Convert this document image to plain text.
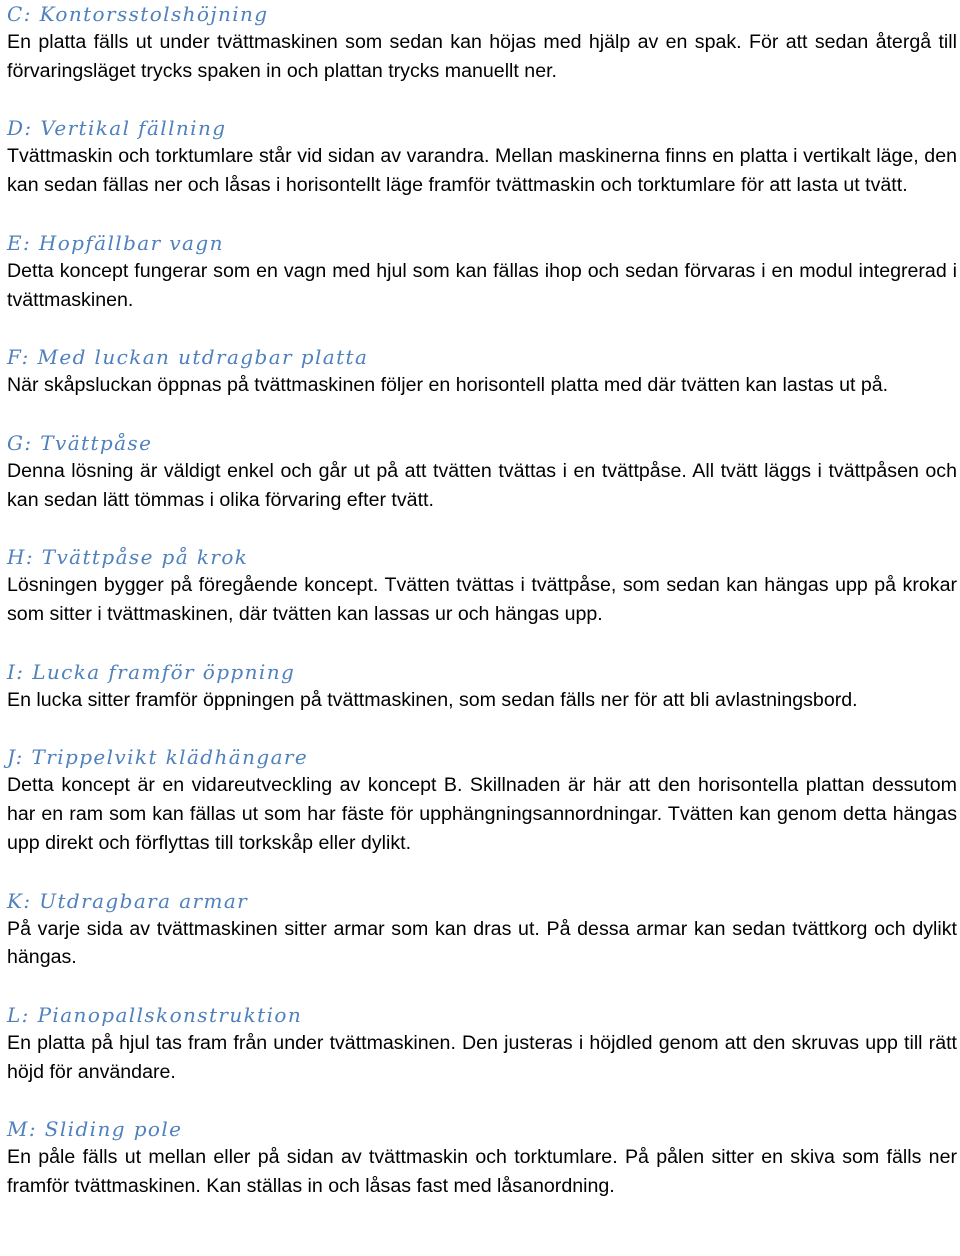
C: Kontorsstolshöjning

En platta fälls ut under tvättmaskinen som sedan kan höjas med hjälp av en spak. För att sedan återgå till förvaringsläget trycks spaken in och plattan trycks manuellt ner.

D: Vertikal fällning

Tvättmaskin och torktumlare står vid sidan av varandra. Mellan maskinerna finns en platta i vertikalt läge, den kan sedan fällas ner och låsas i horisontellt läge framför tvättmaskin och torktumlare för att lasta ut tvätt.

E: Hopfällbar vagn

Detta koncept fungerar som en vagn med hjul som kan fällas ihop och sedan förvaras i en modul integrerad i tvättmaskinen.

F: Med luckan utdragbar platta

När skåpsluckan öppnas på tvättmaskinen följer en horisontell platta med där tvätten kan lastas ut på.

G: Tvättpåse

Denna lösning är väldigt enkel och går ut på att tvätten tvättas i en tvättpåse. All tvätt läggs i tvättpåsen och kan sedan lätt tömmas i olika förvaring efter tvätt.

H: Tvättpåse på krok

Lösningen bygger på föregående koncept. Tvätten tvättas i tvättpåse, som sedan kan hängas upp på krokar som sitter i tvättmaskinen, där tvätten kan lassas ur och hängas upp.

I: Lucka framför öppning

En lucka sitter framför öppningen på tvättmaskinen, som sedan fälls ner för att bli avlastningsbord.

J: Trippelvikt klädhängare

Detta koncept är en vidareutveckling av koncept B. Skillnaden är här att den horisontella plattan dessutom har en ram som kan fällas ut som har fäste för upphängningsannordningar. Tvätten kan genom detta hängas upp direkt och förflyttas till torkskåp eller dylikt.

K: Utdragbara armar

På varje sida av tvättmaskinen sitter armar som kan dras ut. På dessa armar kan sedan tvättkorg och dylikt hängas.

L: Pianopallskonstruktion

En platta på hjul tas fram från under tvättmaskinen. Den justeras i höjdled genom att den skruvas upp till rätt höjd för användare.

M: Sliding pole

En påle fälls ut mellan eller på sidan av tvättmaskin och torktumlare. På pålen sitter en skiva som fälls ner framför tvättmaskinen. Kan ställas in och låsas fast med låsanordning.
